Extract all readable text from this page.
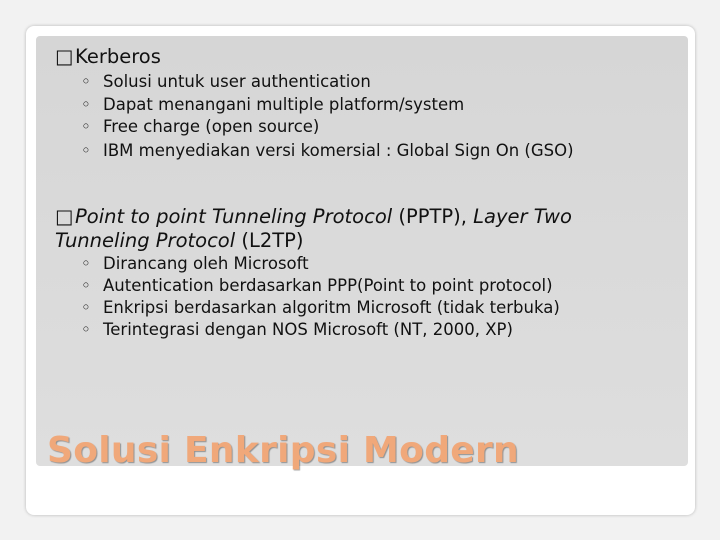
□Kerberos
◦ Solusi untuk user authentication
◦ Dapat menangani multiple platform/system
◦ Free charge (open source)
◦ IBM menyediakan versi komersial : Global Sign On (GSO)
□Point to point Tunneling Protocol (PPTP), Layer Two Tunneling Protocol (L2TP)
◦ Dirancang oleh Microsoft
◦ Autentication berdasarkan PPP(Point to point protocol)
◦ Enkripsi berdasarkan algoritm Microsoft (tidak terbuka)
◦ Terintegrasi dengan NOS Microsoft (NT, 2000, XP)
Solusi Enkripsi Modern
